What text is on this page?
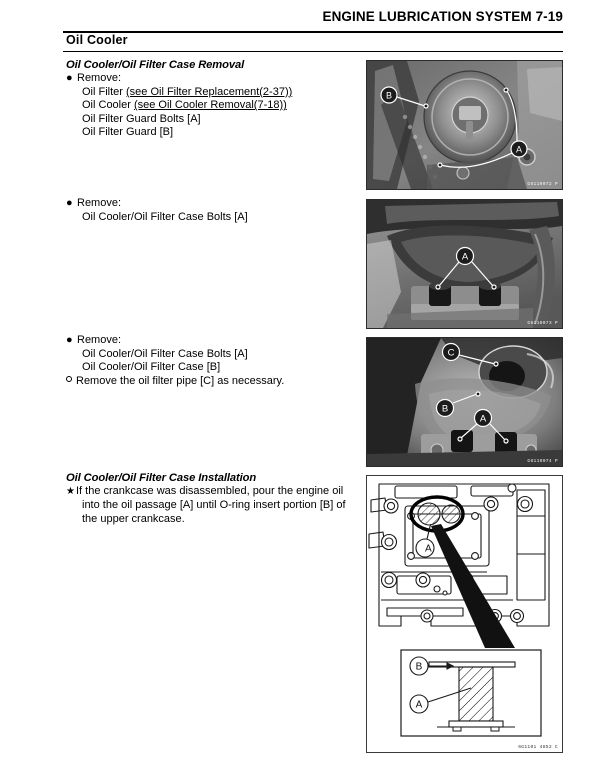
ENGINE LUBRICATION SYSTEM 7-19
Oil Cooler
Oil Cooler/Oil Filter Case Removal
● Remove:
Oil Filter (see Oil Filter Replacement(2-37))
Oil Cooler (see Oil Cooler Removal(7-18))
Oil Filter Guard Bolts [A]
Oil Filter Guard [B]
● Remove:
Oil Cooler/Oil Filter Case Bolts [A]
● Remove:
Oil Cooler/Oil Filter Case Bolts [A]
Oil Cooler/Oil Filter Case [B]
Remove the oil filter pipe [C] as necessary.
Oil Cooler/Oil Filter Case Installation
★ If the crankcase was disassembled, pour the engine oil
into the oil passage [A] until O-ring insert portion [B] of
the upper crankcase.
B
A
G6110072 P
A
G6110073 P
C
B
A
G6110074 P
A
B
A
6G1101 4852 C
